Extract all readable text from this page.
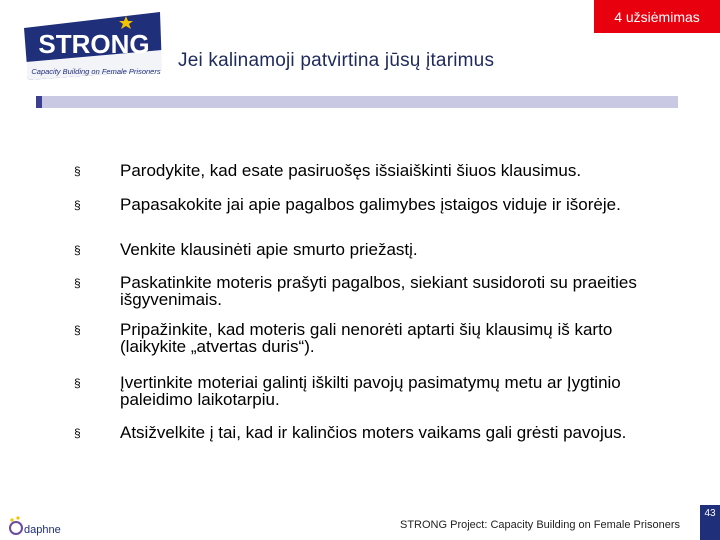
4 užsiėmimas
STRONG
Capacity Building on Female Prisoners
Jei kalinamoji patvirtina jūsų įtarimus
§ Parodykite, kad esate pasiruošęs išsiaiškinti šiuos klausimus.
§ Papasakokite jai apie pagalbos galimybes įstaigos viduje ir išorėje.
§ Venkite klausinėti apie smurto priežastį.
§ Paskatinkite moteris prašyti pagalbos, siekiant susidoroti su praeities išgyvenimais.
§ Pripažinkite, kad moteris gali nenorėti aptarti šių klausimų iš karto (laikykite „atvertas duris“).
§ Įvertinkite moteriai galintį iškilti pavojų pasimatymų metu ar Įygtinio paleidimo laikotarpiu.
§ Atsižvelkite į tai, kad ir kalinčios moters vaikams gali grėsti pavojus.
daphne	STRONG Project: Capacity Building on Female Prisoners
43
